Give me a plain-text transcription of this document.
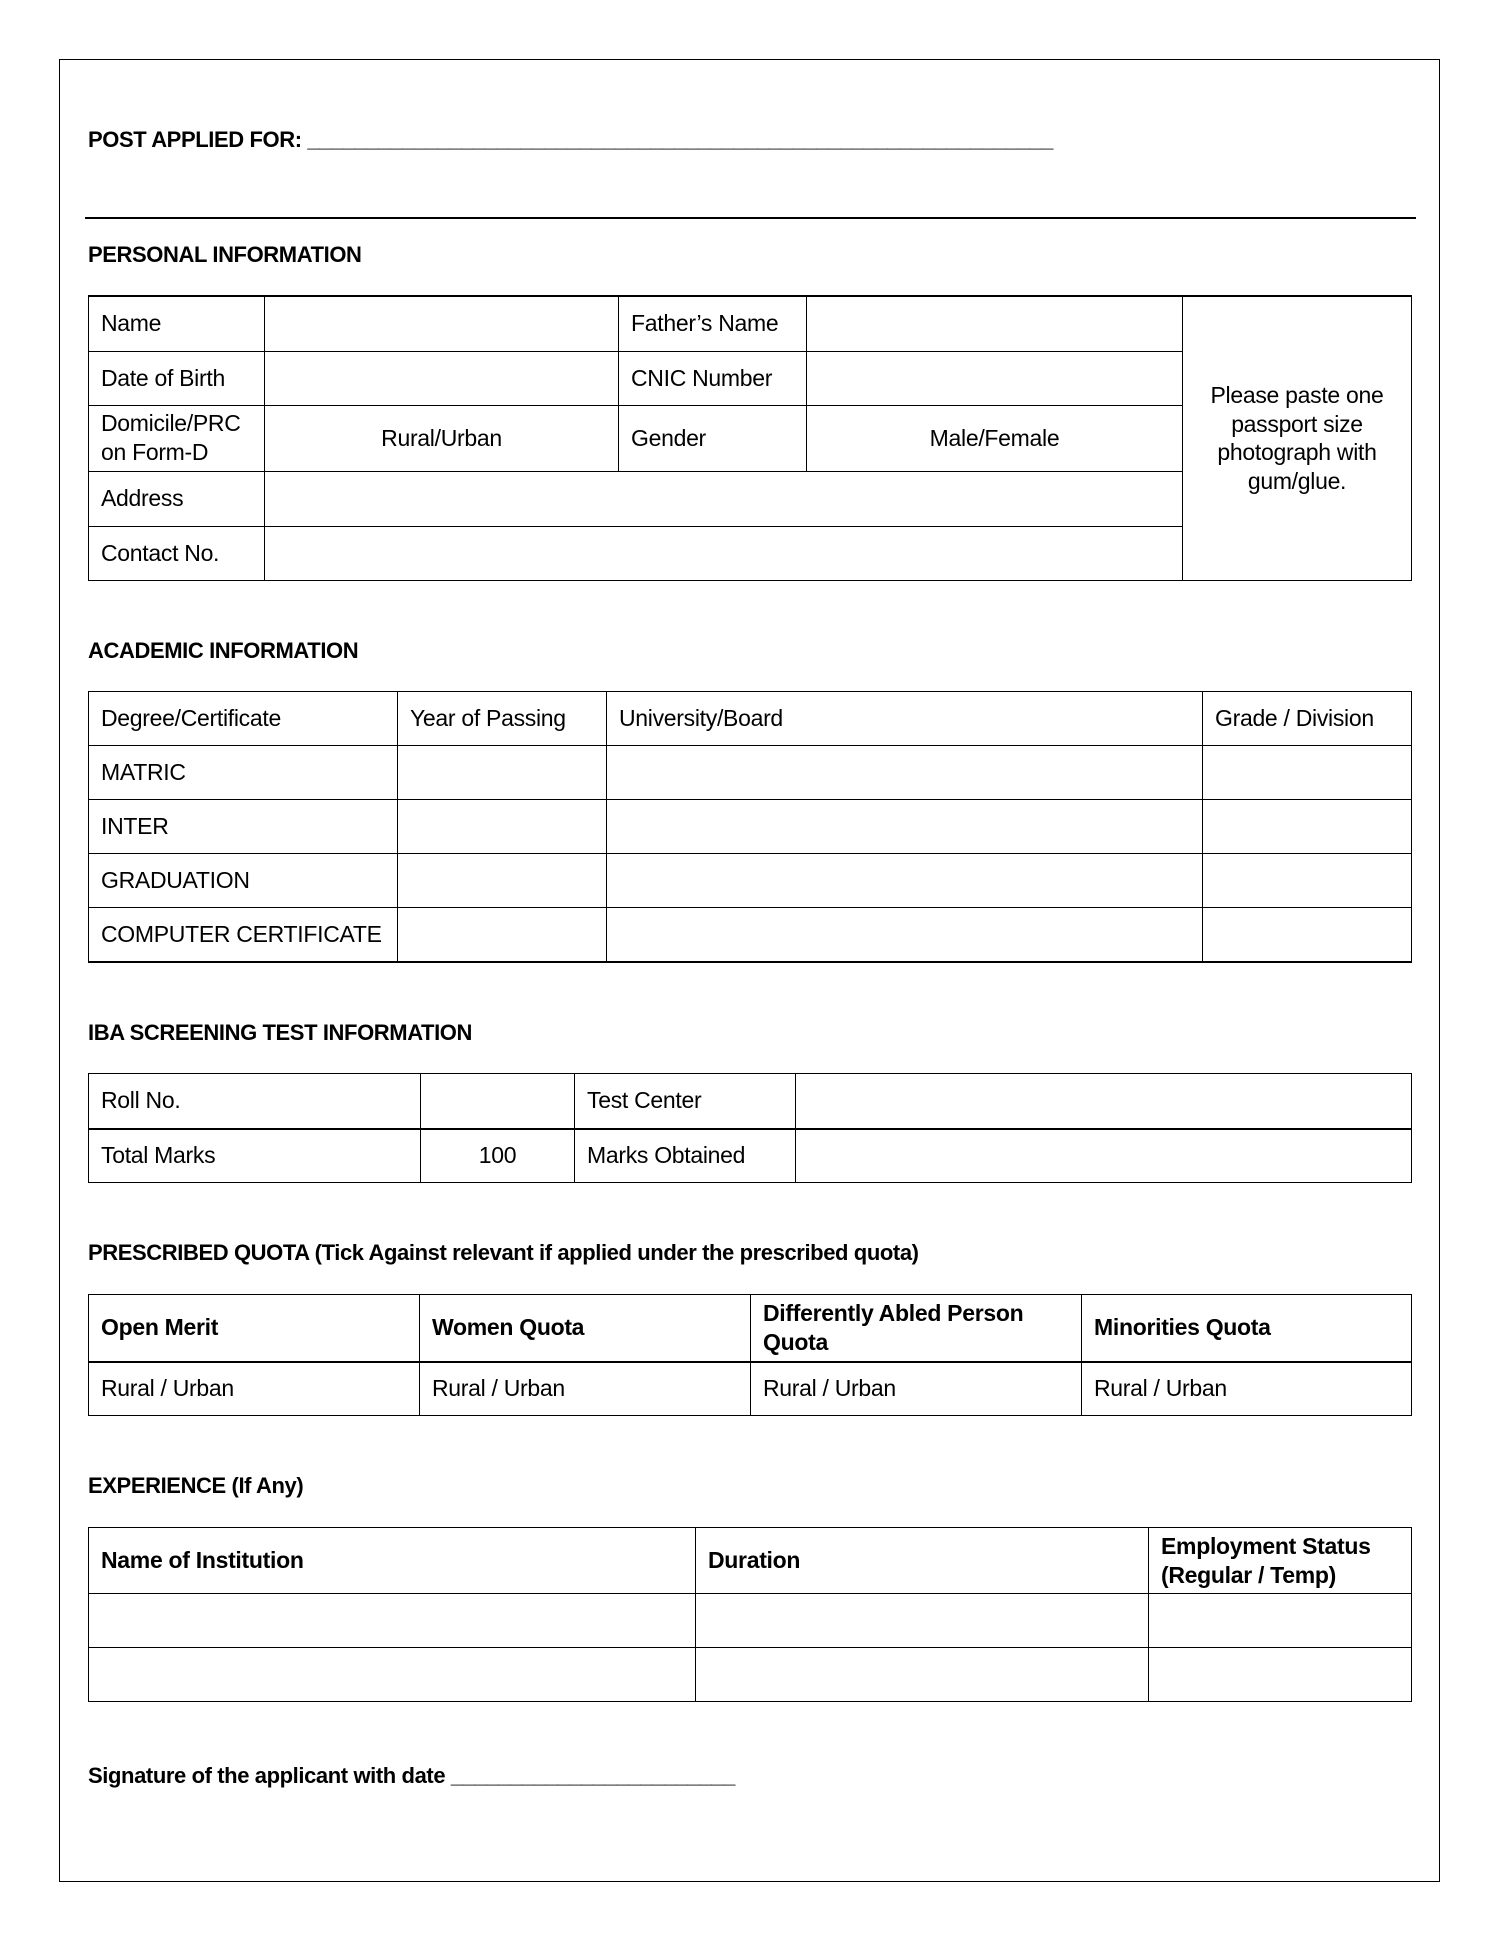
POST APPLIED FOR: _______________________________________________________________
PERSONAL INFORMATION
Name		Father’s Name		Please paste one passport size photograph with gum/glue.
Date of Birth		CNIC Number		
Domicile/PRC
on Form-D	Rural/Urban	Gender	Male/Female	
Address				
Contact No.				
ACADEMIC INFORMATION
Degree/Certificate	Year of Passing	University/Board	Grade / Division
MATRIC			
INTER			
GRADUATION			
COMPUTER CERTIFICATE			
IBA SCREENING TEST INFORMATION
Roll No.		Test Center	
Total Marks	100	Marks Obtained	
PRESCRIBED QUOTA (Tick Against relevant if applied under the prescribed quota)
Open Merit	Women Quota	Differently Abled Person Quota	Minorities Quota
Rural / Urban	Rural / Urban	Rural / Urban	Rural / Urban
EXPERIENCE (If Any)
Name of Institution	Duration	Employment Status (Regular / Temp)

Signature of the applicant with date ________________________
